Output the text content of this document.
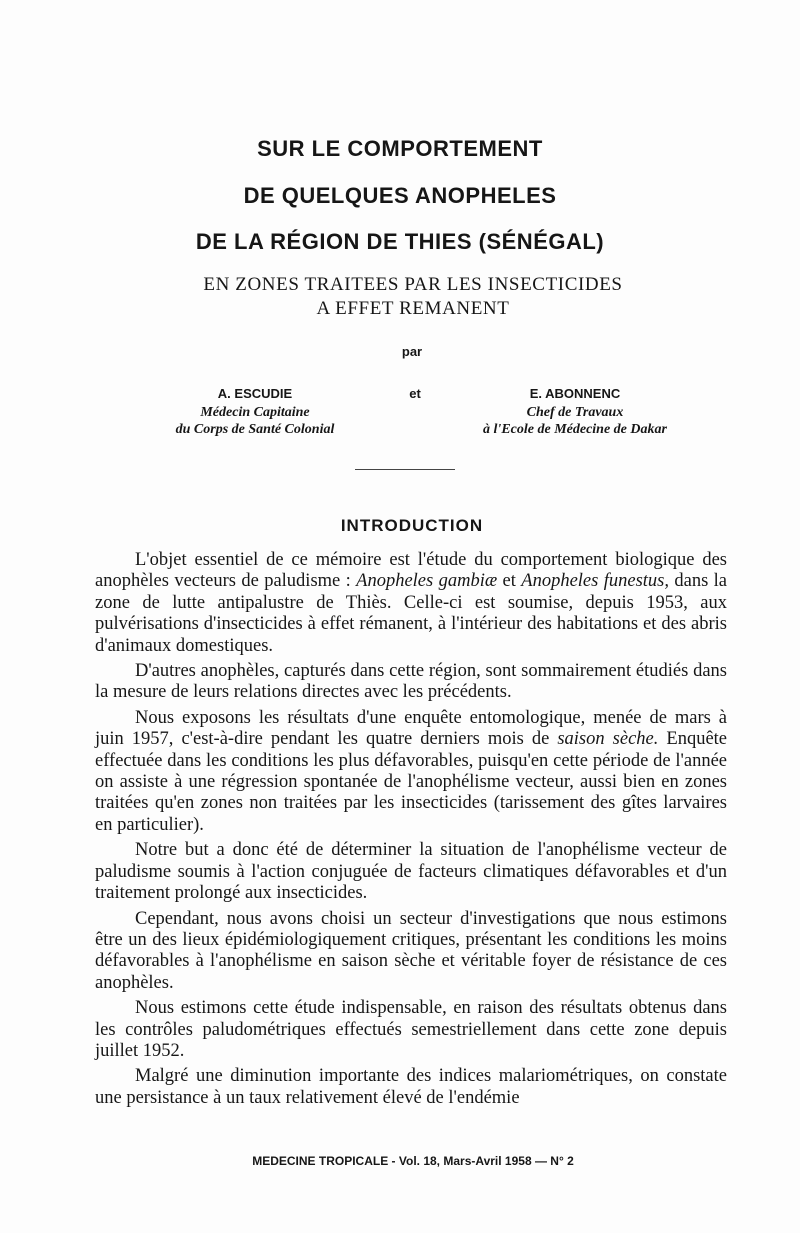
SUR LE COMPORTEMENT
DE QUELQUES ANOPHELES
DE LA RÉGION DE THIES (SÉNÉGAL)
EN ZONES TRAITEES PAR LES INSECTICIDES
A EFFET REMANENT
par
A. ESCUDIE
Médecin Capitaine
du Corps de Santé Colonial
et	E. ABONNENC
Chef de Travaux
à l'Ecole de Médecine de Dakar
INTRODUCTION

L'objet essentiel de ce mémoire est l'étude du comportement biologique des anophèles vecteurs de paludisme : Anopheles gambiæ et Anopheles funestus, dans la zone de lutte antipalustre de Thiès. Celle-ci est soumise, depuis 1953, aux pulvérisations d'insecticides à effet rémanent, à l'intérieur des habitations et des abris d'animaux domestiques.

D'autres anophèles, capturés dans cette région, sont sommairement étudiés dans la mesure de leurs relations directes avec les précédents.

Nous exposons les résultats d'une enquête entomologique, menée de mars à juin 1957, c'est-à-dire pendant les quatre derniers mois de saison sèche. Enquête effectuée dans les conditions les plus défavorables, puisqu'en cette période de l'année on assiste à une régression spontanée de l'anophélisme vecteur, aussi bien en zones traitées qu'en zones non traitées par les insecticides (tarissement des gîtes larvaires en particulier).

Notre but a donc été de déterminer la situation de l'anophélisme vecteur de paludisme soumis à l'action conjuguée de facteurs climatiques défavorables et d'un traitement prolongé aux insecticides.

Cependant, nous avons choisi un secteur d'investigations que nous estimons être un des lieux épidémiologiquement critiques, présentant les conditions les moins défavorables à l'anophélisme en saison sèche et véritable foyer de résistance de ces anophèles.

Nous estimons cette étude indispensable, en raison des résultats obtenus dans les contrôles paludométriques effectués semestriellement dans cette zone depuis juillet 1952.

Malgré une diminution importante des indices malariométriques, on constate une persistance à un taux relativement élevé de l'endémie

MEDECINE TROPICALE - Vol. 18, Mars-Avril 1958 — N° 2
